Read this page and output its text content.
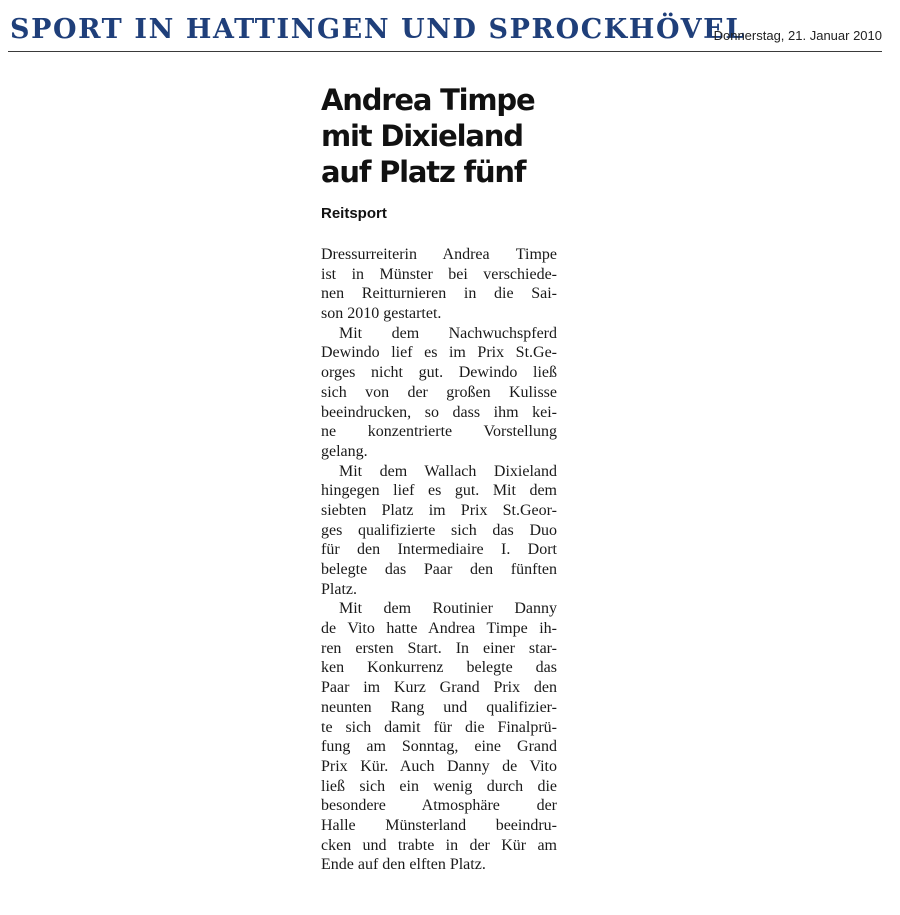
SPORT IN HATTINGEN UND SPROCKHÖVEL
Donnerstag, 21. Januar 2010
Andrea Timpe
mit Dixieland
auf Platz fünf
Reitsport
Dressurreiterin Andrea Timpe
ist in Münster bei verschiede-
nen Reitturnieren in die Sai-
son 2010 gestartet.
Mit dem Nachwuchspferd
Dewindo lief es im Prix St.Ge-
orges nicht gut. Dewindo ließ
sich von der großen Kulisse
beeindrucken, so dass ihm kei-
ne konzentrierte Vorstellung
gelang.
Mit dem Wallach Dixieland
hingegen lief es gut. Mit dem
siebten Platz im Prix St.Geor-
ges qualifizierte sich das Duo
für den Intermediaire I. Dort
belegte das Paar den fünften
Platz.
Mit dem Routinier Danny
de Vito hatte Andrea Timpe ih-
ren ersten Start. In einer star-
ken Konkurrenz belegte das
Paar im Kurz Grand Prix den
neunten Rang und qualifizier-
te sich damit für die Finalprü-
fung am Sonntag, eine Grand
Prix Kür. Auch Danny de Vito
ließ sich ein wenig durch die
besondere Atmosphäre der
Halle Münsterland beeindru-
cken und trabte in der Kür am
Ende auf den elften Platz.
